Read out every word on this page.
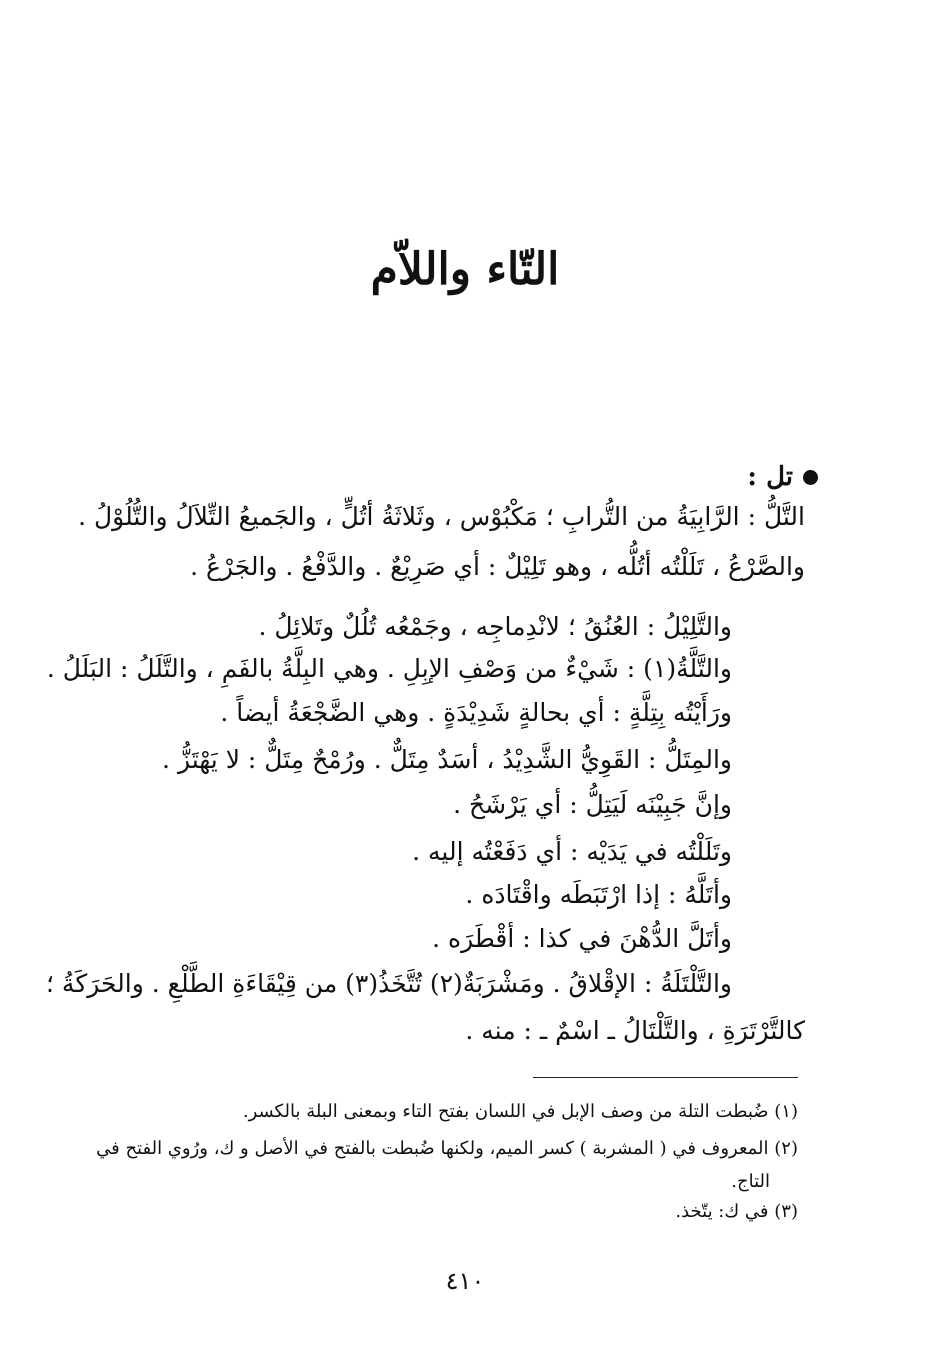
التّاء واللاّم
تل :
التَّلُّ : الرَّابِيَةُ من التُّرابِ ؛ مَكْبُوْس ، وثَلاثَةُ أتُلٍّ ، والجَميعُ التِّلاَلُ والتُّلُوْلُ .
والصَّرْعُ ، تَلَلْتُه أتُلُّه ، وهو تَلِيْلٌ : أي صَرِيْعٌ . والدَّفْعُ . والجَرْعُ .
والتَّلِيْلُ : العُنُقُ ؛ لانْدِماجِه ، وجَمْعُه تُلُلٌ وتَلائِلُ .
والتَّلَّةُ(١) : شَيْءٌ من وَصْفِ الإبِلِ . وهي البِلَّةُ بالفَمِ ، والتَّلَلُ : البَلَلُ .
ورَأَيْتُه بِتِلَّةٍ : أي بحالةٍ شَدِيْدَةٍ . وهي الضَّجْعَةُ أيضاً .
والمِتَلُّ : القَوِيُّ الشَّدِيْدُ ، أسَدٌ مِتَلٌّ . ورُمْحٌ مِتَلٌّ : لا يَهْتَزُّ .
وإنَّ جَبِيْنَه لَيَتِلُّ : أي يَرْشَحُ .
وتَلَلْتُه في يَدَيْه : أي دَفَعْتُه إليه .
وأتَلَّهُ : إذا ارْتَبَطَه واقْتَادَه .
وأتَلَّ الدُّهْنَ في كذا : أقْطَرَه .
والتَّلْتَلَةُ : الإقْلاقُ . ومَشْرَبَةٌ(٢) تُتَّخَذُ(٣) من قِيْقَاءَةِ الطَّلْعِ . والحَرَكَةُ ؛
كالتَّرْتَرَةِ ، والتَّلْتَالُ ـ اسْمٌ ـ : منه .
(١) ضُبطت التلة من وصف الإبل في اللسان بفتح التاء وبمعنى البلة بالكسر.
(٢) المعروف في ( المشربة ) كسر الميم، ولكنها ضُبطت بالفتح في الأصل و ك، ورُوي الفتح في
التاج.
(٣) في ك: يتّخذ.
٤١٠
